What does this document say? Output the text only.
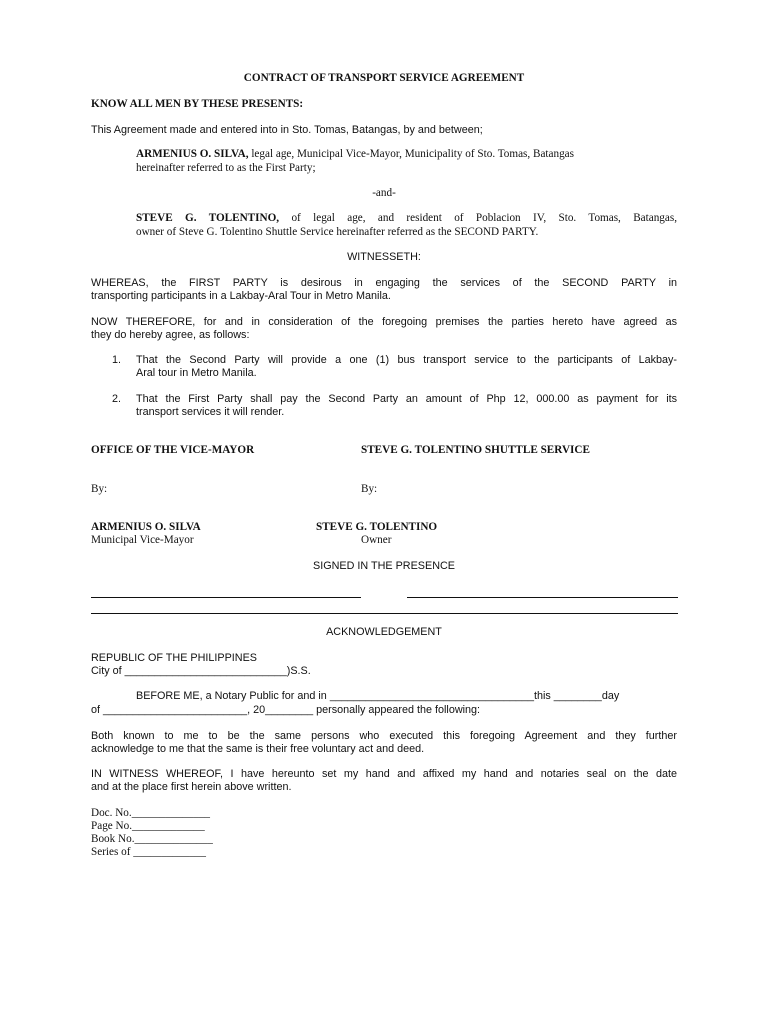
CONTRACT OF TRANSPORT SERVICE AGREEMENT
KNOW ALL MEN BY THESE PRESENTS:
This Agreement made and entered into in Sto. Tomas, Batangas, by and between;
ARMENIUS O. SILVA, legal age, Municipal Vice-Mayor, Municipality of Sto. Tomas, Batangas
hereinafter referred to as the First Party;
-and-
STEVE G. TOLENTINO, of legal age, and resident of Poblacion IV, Sto. Tomas, Batangas,
owner of Steve G. Tolentino Shuttle Service hereinafter referred as the SECOND PARTY.
WITNESSETH:
WHEREAS, the FIRST PARTY is desirous in engaging the services of the SECOND PARTY in
transporting participants in a Lakbay-Aral Tour in Metro Manila.
NOW THEREFORE, for and in consideration of the foregoing premises the parties hereto have agreed as
they do hereby agree, as follows:
1.	That the Second Party will provide a one (1) bus transport service to the participants of Lakbay-
Aral tour in Metro Manila.
2.	That the First Party shall pay the Second Party an amount of Php 12, 000.00 as payment for its
transport services it will render.
OFFICE OF THE VICE-MAYOR	STEVE G. TOLENTINO SHUTTLE SERVICE
By:	By:
ARMENIUS O. SILVA	STEVE G. TOLENTINO
Municipal Vice-Mayor	Owner
SIGNED IN THE PRESENCE
ACKNOWLEDGEMENT
REPUBLIC OF THE PHILIPPINES
City of ___________________________)S.S.
BEFORE ME, a Notary Public for and in __________________________________this ________day
of ________________________, 20________ personally appeared the following:
Both known to me to be the same persons who executed this foregoing Agreement and they further
acknowledge to me that the same is their free voluntary act and deed.
IN WITNESS WHEREOF, I have hereunto set my hand and affixed my hand and notaries seal on the date
and at the place first herein above written.
Doc. No.______________
Page No._____________
Book No.______________
Series of _____________
